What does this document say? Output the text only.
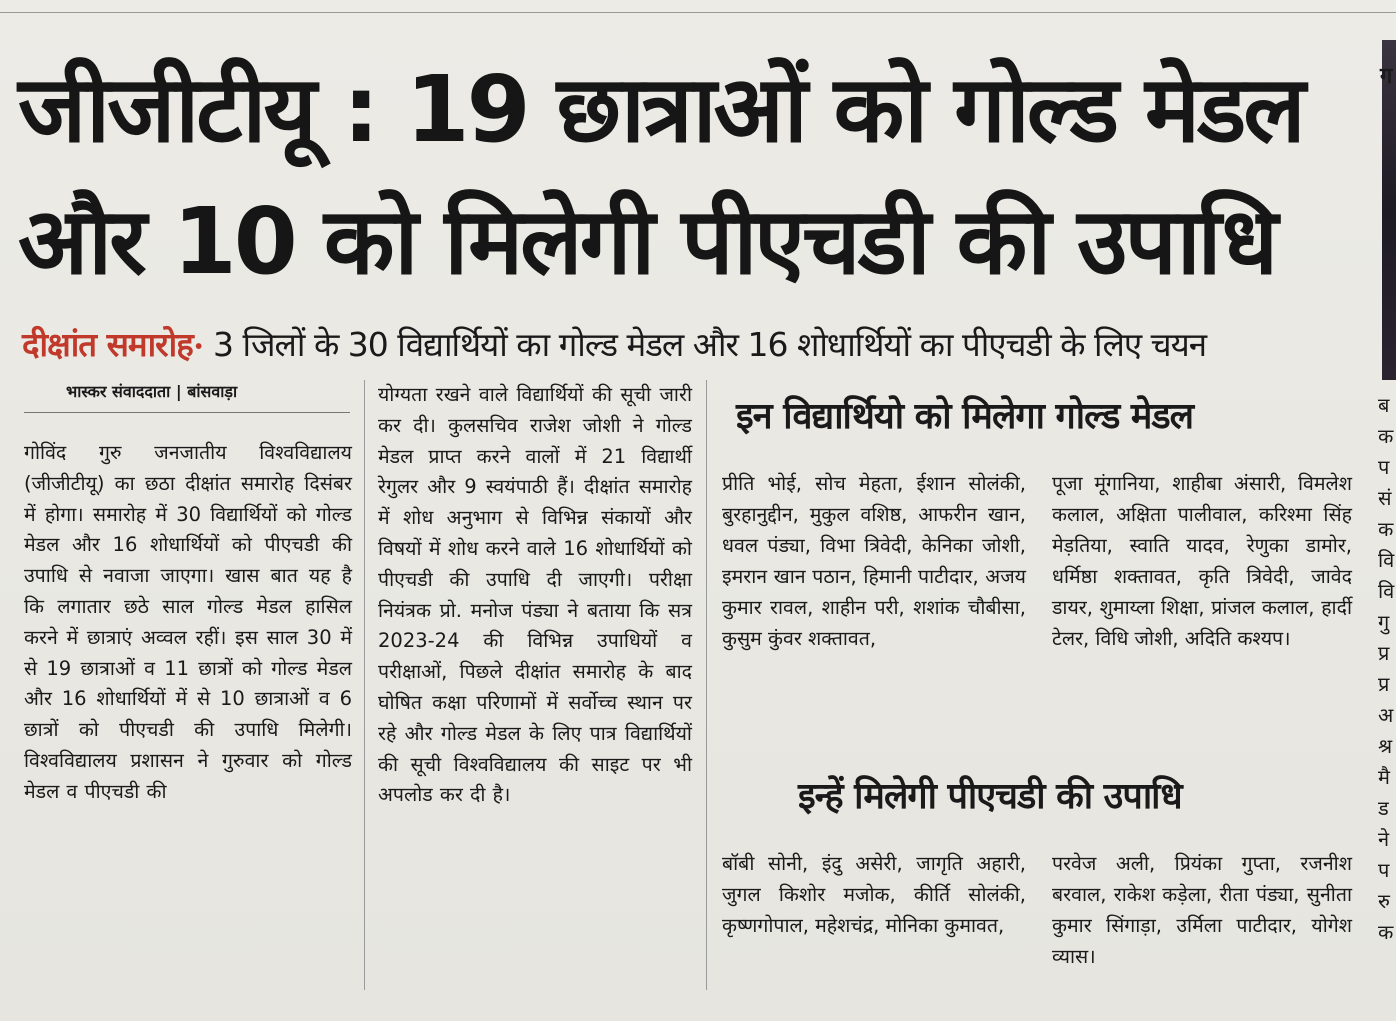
जीजीटीयू : 19 छात्राओं को गोल्ड मेडल
और 10 को मिलेगी पीएचडी की उपाधि
दीक्षांत समारोह• 3 जिलों के 30 विद्यार्थियों का गोल्ड मेडल और 16 शोधार्थियों का पीएचडी के लिए चयन
भास्कर संवाददाता | बांसवाड़ा
गोविंद गुरु जनजातीय विश्वविद्यालय (जीजीटीयू) का छठा दीक्षांत समारोह दिसंबर में होगा। समारोह में 30 विद्यार्थियों को गोल्ड मेडल और 16 शोधार्थियों को पीएचडी की उपाधि से नवाजा जाएगा। खास बात यह है कि लगातार छठे साल गोल्ड मेडल हासिल करने में छात्राएं अव्वल रहीं। इस साल 30 में से 19 छात्राओं व 11 छात्रों को गोल्ड मेडल और 16 शोधार्थियों में से 10 छात्राओं व 6 छात्रों को पीएचडी की उपाधि मिलेगी। विश्वविद्यालय प्रशासन ने गुरुवार को गोल्ड मेडल व पीएचडी की
योग्यता रखने वाले विद्यार्थियों की सूची जारी कर दी। कुलसचिव राजेश जोशी ने गोल्ड मेडल प्राप्त करने वालों में 21 विद्यार्थी रेगुलर और 9 स्वयंपाठी हैं। दीक्षांत समारोह में शोध अनुभाग से विभिन्न संकायों और विषयों में शोध करने वाले 16 शोधार्थियों को पीएचडी की उपाधि दी जाएगी। परीक्षा नियंत्रक प्रो. मनोज पंड्या ने बताया कि सत्र 2023-24 की विभिन्न उपाधियों व परीक्षाओं, पिछले दीक्षांत समारोह के बाद घोषित कक्षा परिणामों में सर्वोच्च स्थान पर रहे और गोल्ड मेडल के लिए पात्र विद्यार्थियों की सूची विश्वविद्यालय की साइट पर भी अपलोड कर दी है।
इन विद्यार्थियो को मिलेगा गोल्ड मेडल
प्रीति भोई, सोच मेहता, ईशान सोलंकी, बुरहानुद्दीन, मुकुल वशिष्ठ, आफरीन खान, धवल पंड्या, विभा त्रिवेदी, केनिका जोशी, इमरान खान पठान, हिमानी पाटीदार, अजय कुमार रावल, शाहीन परी, शशांक चौबीसा, कुसुम कुंवर शक्तावत,
पूजा मूंगानिया, शाहीबा अंसारी, विमलेश कलाल, अक्षिता पालीवाल, करिश्मा सिंह मेड़तिया, स्वाति यादव, रेणुका डामोर, धर्मिष्ठा शक्तावत, कृति त्रिवेदी, जावेद डायर, शुमाय्ला शिक्षा, प्रांजल कलाल, हार्दी टेलर, विधि जोशी, अदिति कश्यप।
इन्हें मिलेगी पीएचडी की उपाधि
बॉबी सोनी, इंदु असेरी, जागृति अहारी, जुगल किशोर मजोक, कीर्ति सोलंकी, कृष्णगोपाल, महेशचंद्र, मोनिका कुमावत,
परवेज अली, प्रियंका गुप्ता, रजनीश बरवाल, राकेश कड़ेला, रीता पंड्या, सुनीता कुमार सिंगाड़ा, उर्मिला पाटीदार, योगेश व्यास।
ग
ब
क
प
सं
क
वि
वि
गु
प्र
प्र
अ
श्र
मै
ड
ने
प
रु
क
